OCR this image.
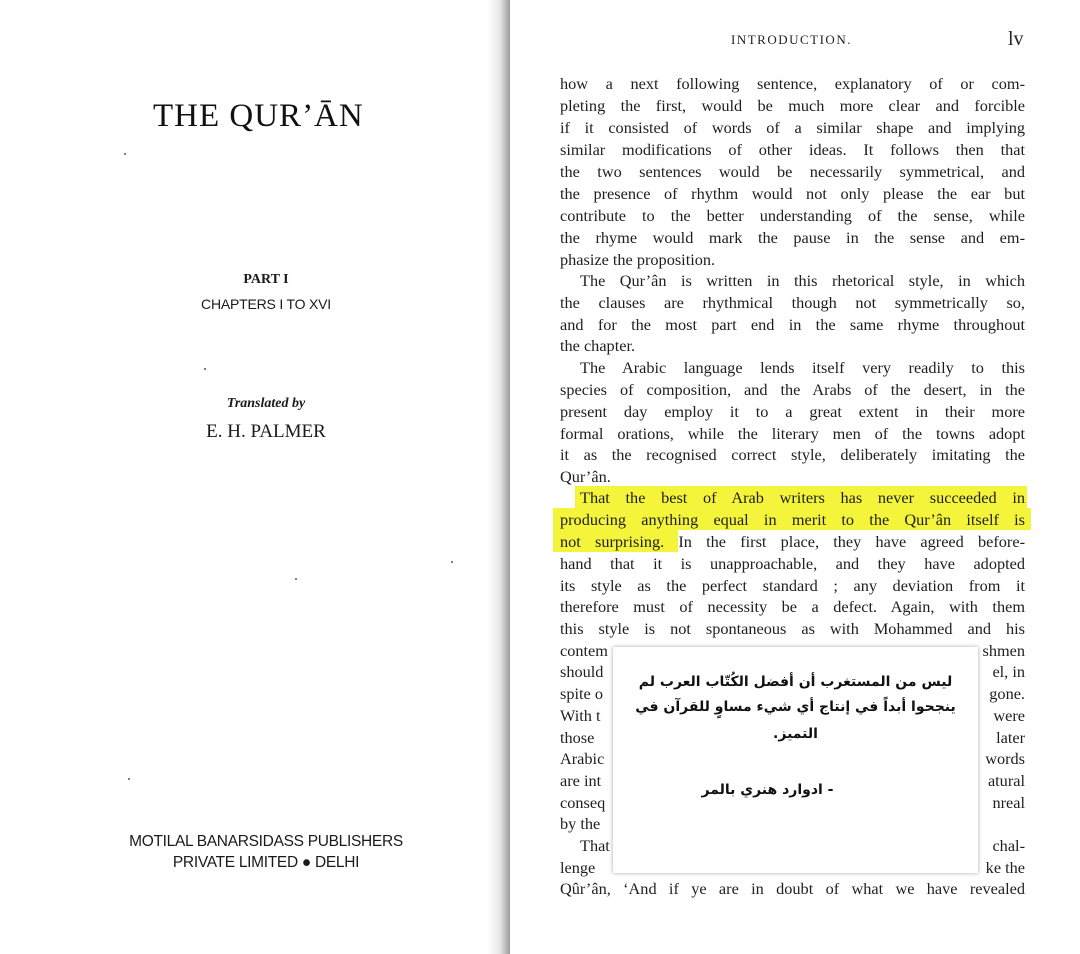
THE QUR’ĀN
PART I
CHAPTERS I TO XVI
Translated by
E. H. PALMER
MOTILAL BANARSIDASS PUBLISHERS
PRIVATE LIMITED ● DELHI
INTRODUCTION.	lv
how a next following sentence, explanatory of or com-
pleting the first, would be much more clear and forcible
if it consisted of words of a similar shape and implying
similar modifications of other ideas. It follows then that
the two sentences would be necessarily symmetrical, and
the presence of rhythm would not only please the ear but
contribute to the better understanding of the sense, while
the rhyme would mark the pause in the sense and em-
phasize the proposition.
The Qur’ân is written in this rhetorical style, in which
the clauses are rhythmical though not symmetrically so,
and for the most part end in the same rhyme throughout
the chapter.
The Arabic language lends itself very readily to this
species of composition, and the Arabs of the desert, in the
present day employ it to a great extent in their more
formal orations, while the literary men of the towns adopt
it as the recognised correct style, deliberately imitating the
Qur’ân.
That the best of Arab writers has never succeeded in
producing anything equal in merit to the Qur’ân itself is
not surprising. In the first place, they have agreed before-
hand that it is unapproachable, and they have adopted
its style as the perfect standard ; any deviation from it
therefore must of necessity be a defect. Again, with them
this style is not spontaneous as with Mohammed and his
contem
should
spite o
With t
those
Arabic
are int
conseq
by the
That
lenge
Qûr’ân, ‘And if ye are in doubt of what we have revealed
shmen
el, in
gone.
were
later
words
atural
nreal
chal-
ke the
ليس من المستغرب أن أفضل الكُتّاب العرب لم
ينجحوا أبداً في إنتاج أي شيء مساوٍ للقرآن في
التميز.
- ادوارد هنري بالمر
